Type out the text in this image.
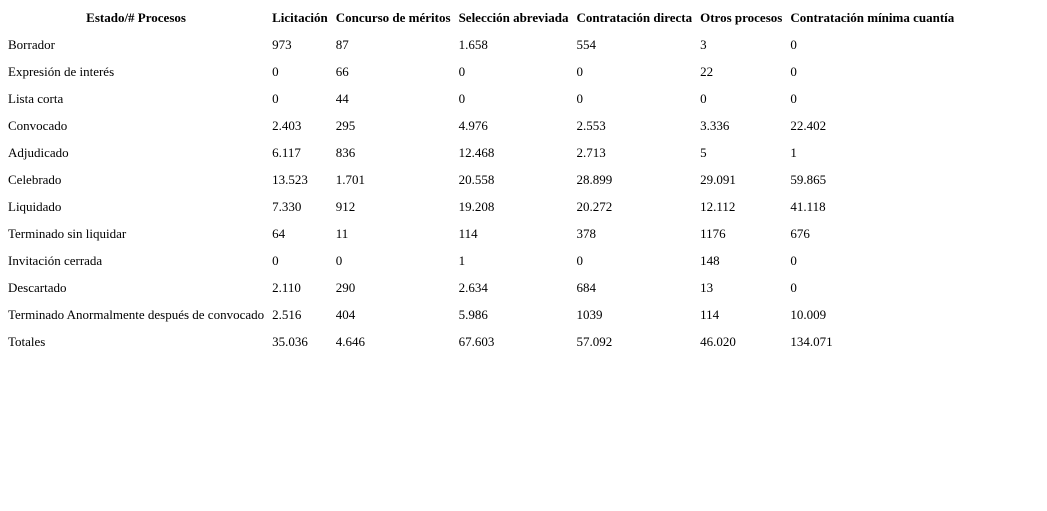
Estado/# Procesos	Licitación	Concurso de méritos	Selección abreviada	Contratación directa	Otros procesos	Contratación mínima cuantía
Borrador	973	87	1.658	554	3	0
Expresión de interés	0	66	0	0	22	0
Lista corta	0	44	0	0	0	0
Convocado	2.403	295	4.976	2.553	3.336	22.402
Adjudicado	6.117	836	12.468	2.713	5	1
Celebrado	13.523	1.701	20.558	28.899	29.091	59.865
Liquidado	7.330	912	19.208	20.272	12.112	41.118
Terminado sin liquidar	64	11	114	378	1176	676
Invitación cerrada	0	0	1	0	148	0
Descartado	2.110	290	2.634	684	13	0
Terminado Anormalmente después de convocado	2.516	404	5.986	1039	114	10.009
Totales	35.036	4.646	67.603	57.092	46.020	134.071
